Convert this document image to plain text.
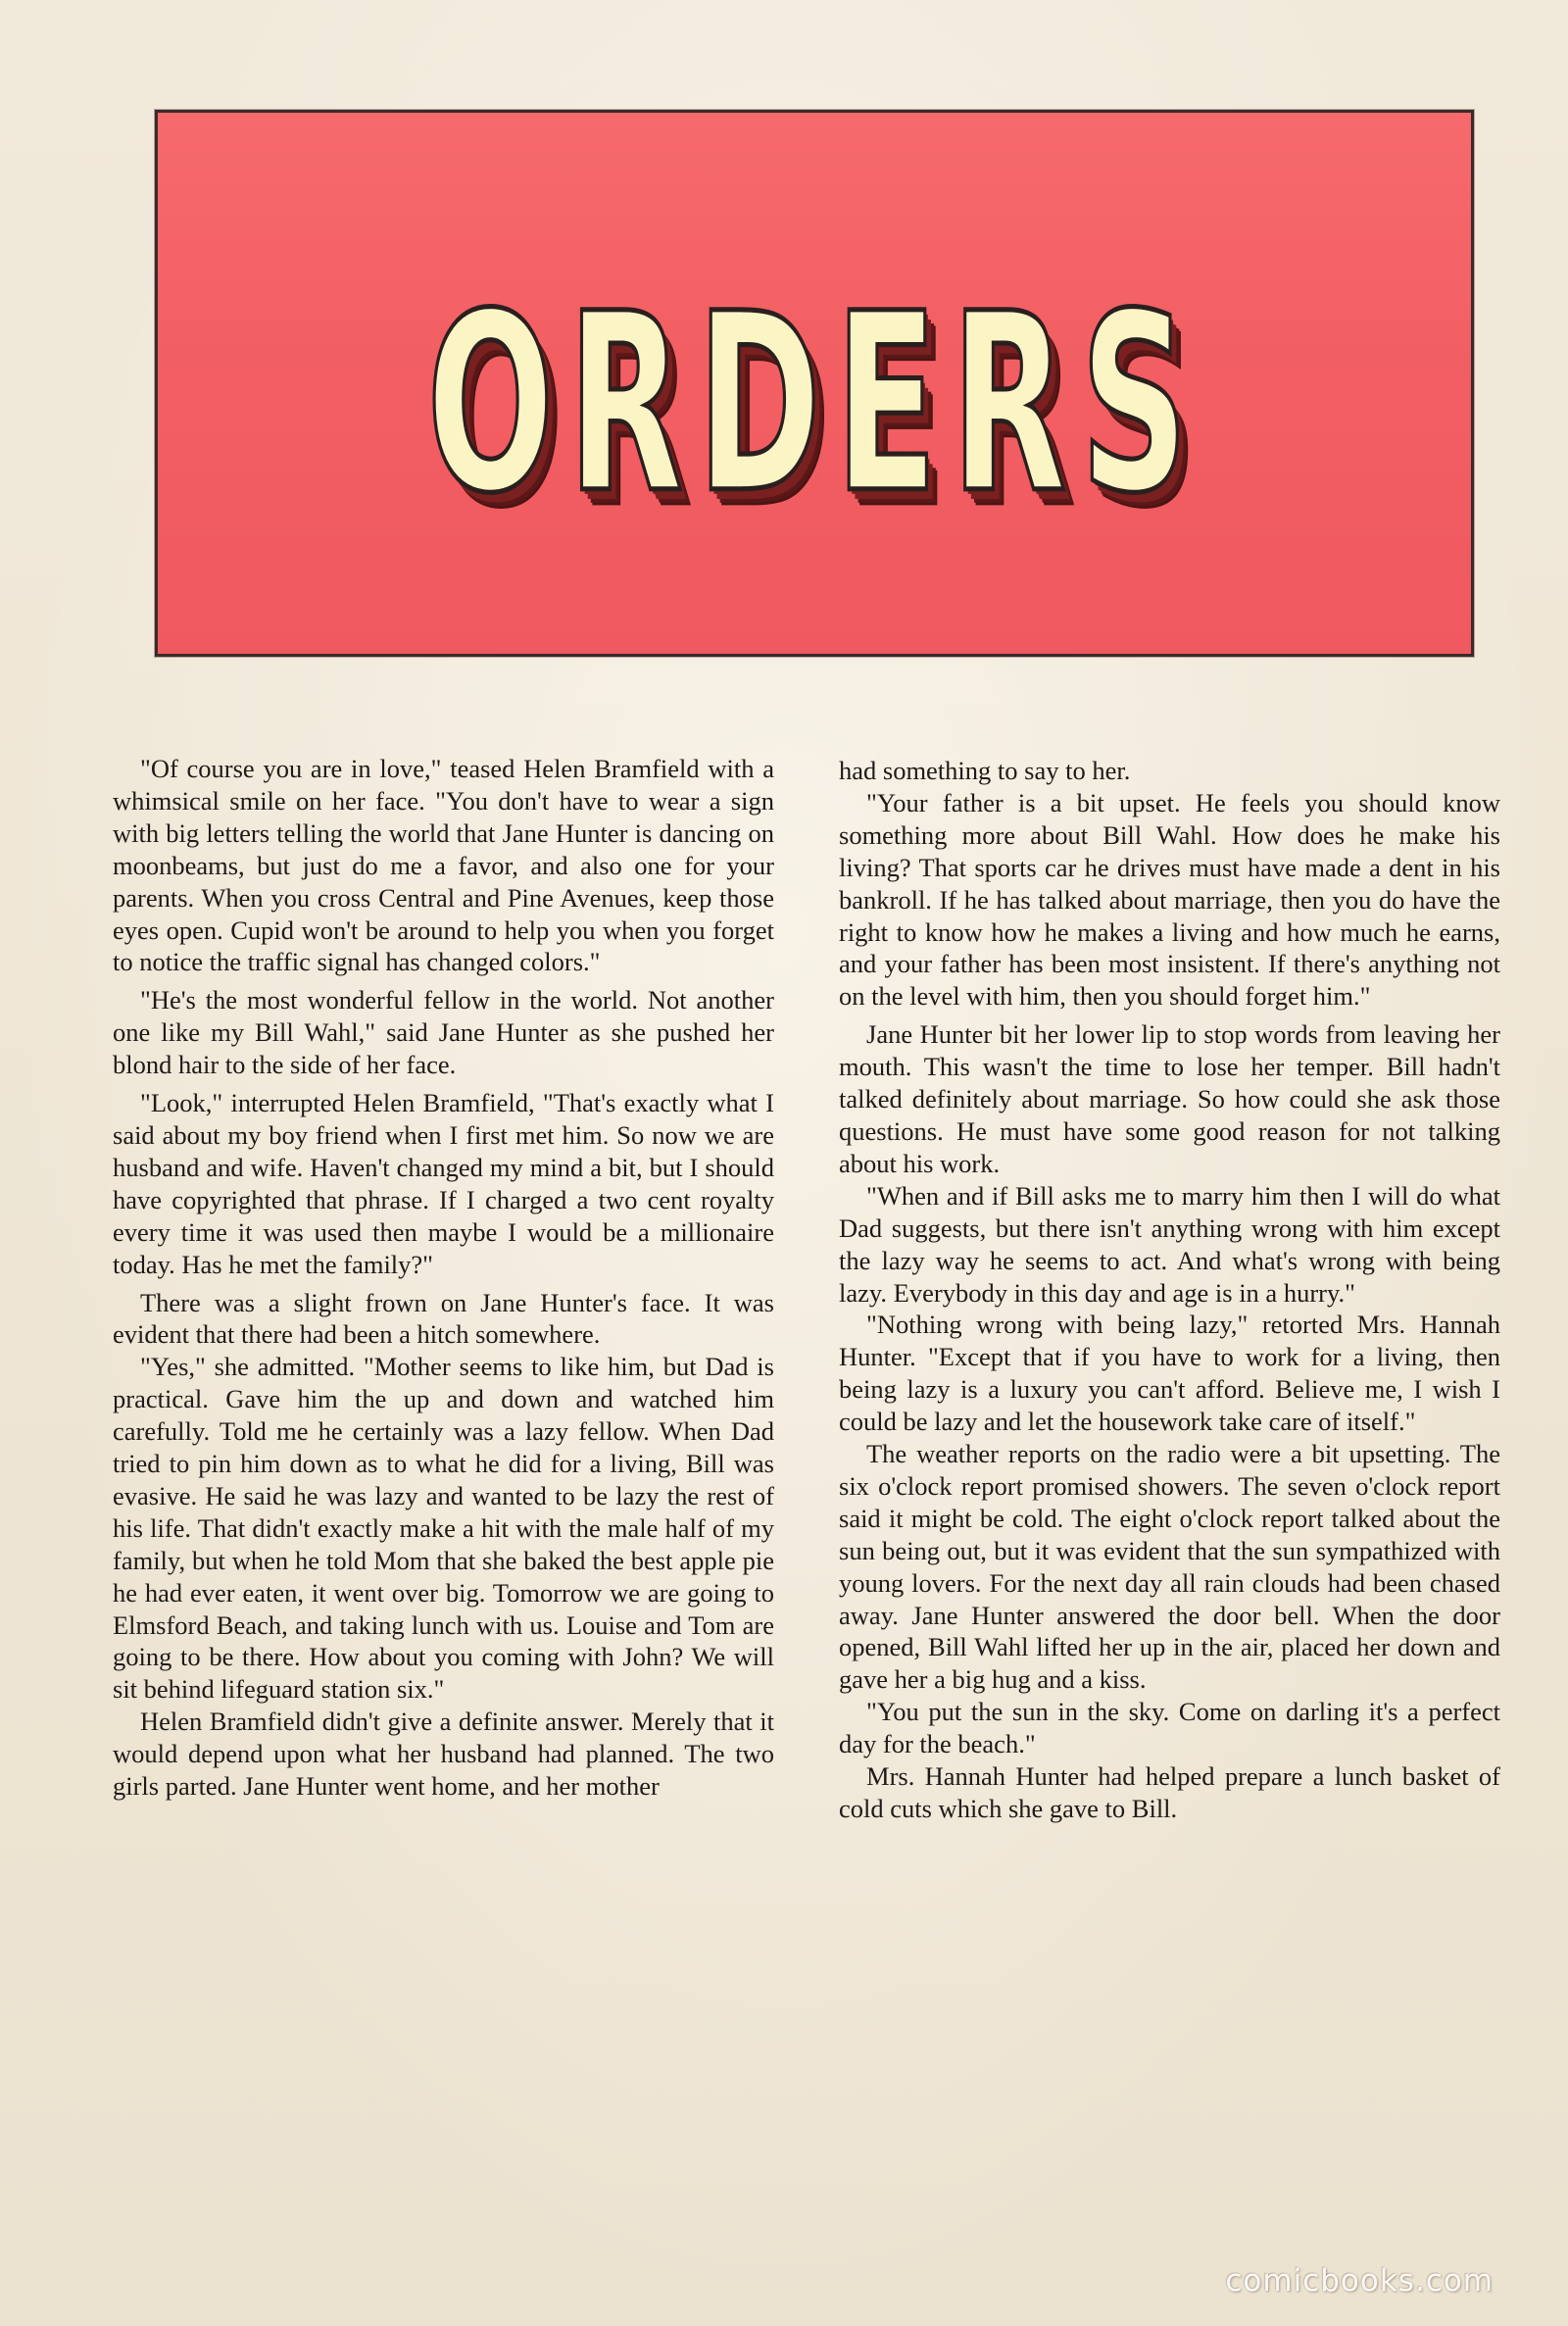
ORDERS

"Of course you are in love," teased Helen Bramfield with a whimsical smile on her face. "You don't have to wear a sign with big letters telling the world that Jane Hunter is dancing on moonbeams, but just do me a favor, and also one for your parents. When you cross Central and Pine Avenues, keep those eyes open. Cupid won't be around to help you when you forget to notice the traffic signal has changed colors."

"He's the most wonderful fellow in the world. Not another one like my Bill Wahl," said Jane Hunter as she pushed her blond hair to the side of her face.

"Look," interrupted Helen Bramfield, "That's exactly what I said about my boy friend when I first met him. So now we are husband and wife. Haven't changed my mind a bit, but I should have copyrighted that phrase. If I charged a two cent royalty every time it was used then maybe I would be a millionaire today. Has he met the family?"

There was a slight frown on Jane Hunter's face. It was evident that there had been a hitch somewhere.

"Yes," she admitted. "Mother seems to like him, but Dad is practical. Gave him the up and down and watched him carefully. Told me he certainly was a lazy fellow. When Dad tried to pin him down as to what he did for a living, Bill was evasive. He said he was lazy and wanted to be lazy the rest of his life. That didn't exactly make a hit with the male half of my family, but when he told Mom that she baked the best apple pie he had ever eaten, it went over big. Tomorrow we are going to Elmsford Beach, and taking lunch with us. Louise and Tom are going to be there. How about you coming with John? We will sit behind lifeguard station six."

Helen Bramfield didn't give a definite answer. Merely that it would depend upon what her husband had planned. The two girls parted. Jane Hunter went home, and her mother

had something to say to her.

"Your father is a bit upset. He feels you should know something more about Bill Wahl. How does he make his living? That sports car he drives must have made a dent in his bankroll. If he has talked about marriage, then you do have the right to know how he makes a living and how much he earns, and your father has been most insistent. If there's anything not on the level with him, then you should forget him."

Jane Hunter bit her lower lip to stop words from leaving her mouth. This wasn't the time to lose her temper. Bill hadn't talked definitely about marriage. So how could she ask those questions. He must have some good reason for not talking about his work.

"When and if Bill asks me to marry him then I will do what Dad suggests, but there isn't anything wrong with him except the lazy way he seems to act. And what's wrong with being lazy. Everybody in this day and age is in a hurry."

"Nothing wrong with being lazy," retorted Mrs. Hannah Hunter. "Except that if you have to work for a living, then being lazy is a luxury you can't afford. Believe me, I wish I could be lazy and let the housework take care of itself."

The weather reports on the radio were a bit upsetting. The six o'clock report promised showers. The seven o'clock report said it might be cold. The eight o'clock report talked about the sun being out, but it was evident that the sun sympathized with young lovers. For the next day all rain clouds had been chased away. Jane Hunter answered the door bell. When the door opened, Bill Wahl lifted her up in the air, placed her down and gave her a big hug and a kiss.

"You put the sun in the sky. Come on darling it's a perfect day for the beach."

Mrs. Hannah Hunter had helped prepare a lunch basket of cold cuts which she gave to Bill.

comicbooks.com
